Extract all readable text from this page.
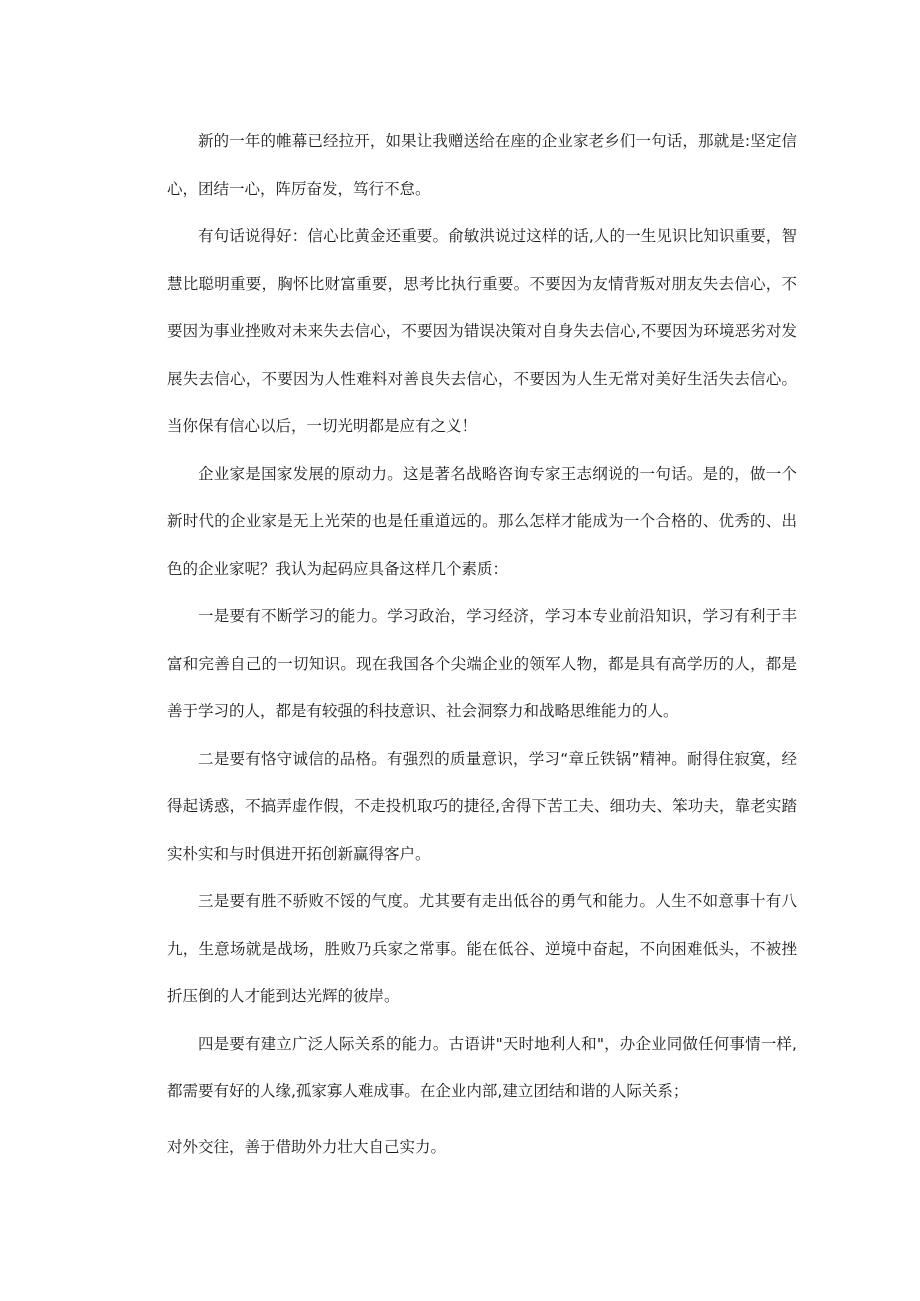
新的一年的帷幕已经拉开，如果让我赠送给在座的企业家老乡们一句话，那就是:坚定信心，团结一心，阵厉奋发，笃行不怠。

有句话说得好：信心比黄金还重要。俞敏洪说过这样的话,人的一生见识比知识重要，智慧比聪明重要，胸怀比财富重要，思考比执行重要。不要因为友情背叛对朋友失去信心，不要因为事业挫败对未来失去信心，不要因为错误决策对自身失去信心,不要因为环境恶劣对发展失去信心，不要因为人性难料对善良失去信心，不要因为人生无常对美好生活失去信心。当你保有信心以后，一切光明都是应有之义！

企业家是国家发展的原动力。这是著名战略咨询专家王志纲说的一句话。是的，做一个新时代的企业家是无上光荣的也是任重道远的。那么怎样才能成为一个合格的、优秀的、出色的企业家呢？我认为起码应具备这样几个素质：

一是要有不断学习的能力。学习政治，学习经济，学习本专业前沿知识，学习有利于丰富和完善自己的一切知识。现在我国各个尖端企业的领军人物，都是具有高学历的人，都是善于学习的人，都是有较强的科技意识、社会洞察力和战略思维能力的人。

二是要有恪守诚信的品格。有强烈的质量意识，学习“章丘铁锅”精神。耐得住寂寞，经得起诱惑，不搞弄虚作假，不走投机取巧的捷径,舍得下苦工夫、细功夫、笨功夫，靠老实踏实朴实和与时俱进开拓创新赢得客户。

三是要有胜不骄败不馁的气度。尤其要有走出低谷的勇气和能力。人生不如意事十有八九，生意场就是战场，胜败乃兵家之常事。能在低谷、逆境中奋起，不向困难低头，不被挫折压倒的人才能到达光辉的彼岸。

四是要有建立广泛人际关系的能力。古语讲"天时地利人和"，办企业同做任何事情一样,都需要有好的人缘,孤家寡人难成事。在企业内部,建立团结和谐的人际关系；

对外交往，善于借助外力壮大自己实力。
